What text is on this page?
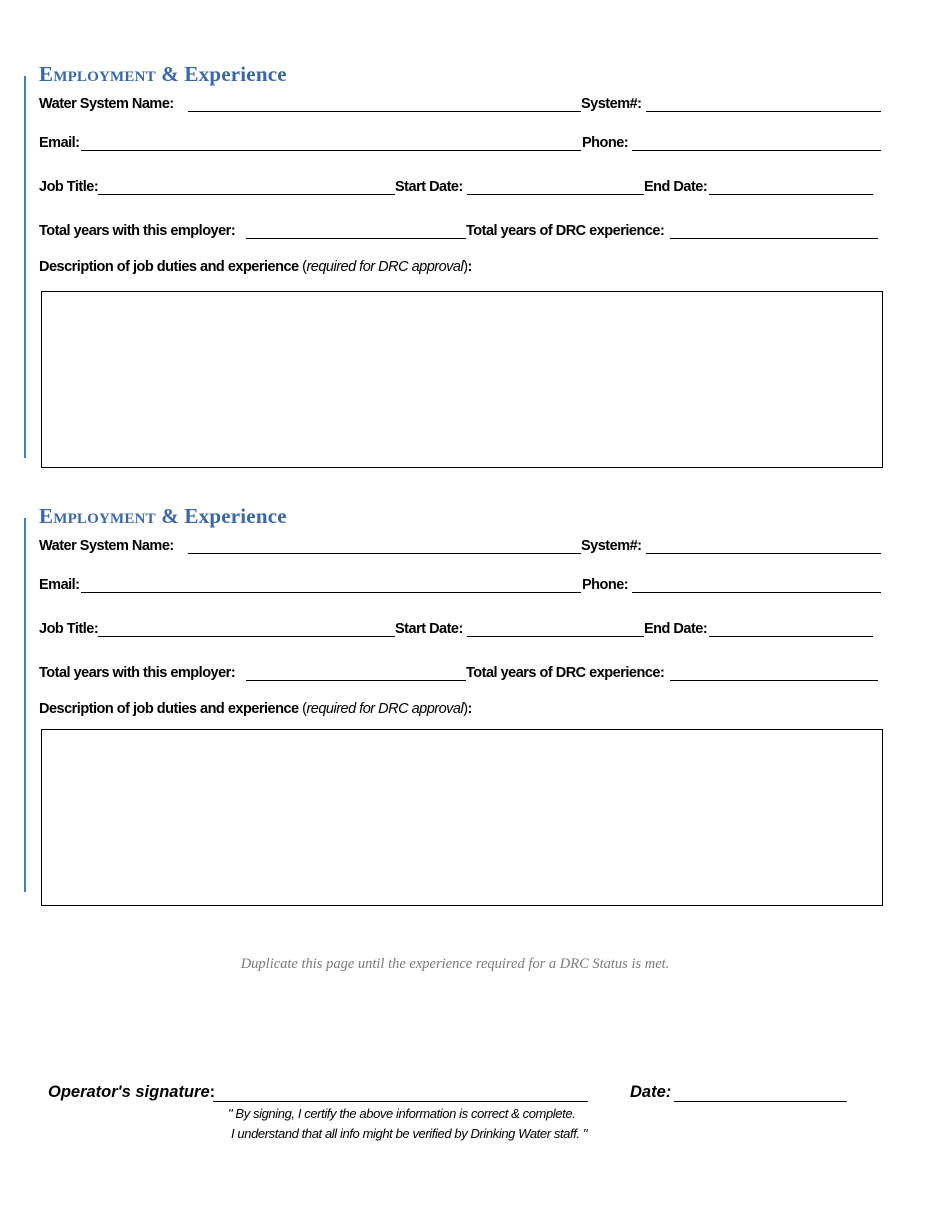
Employment & Experience
Water System Name:	System#:
Email:	Phone:
Job Title:	Start Date:	End Date:
Total years with this employer:	Total years of DRC experience:
Description of job duties and experience (required for DRC approval):
Employment & Experience
Water System Name:	System#:
Email:	Phone:
Job Title:	Start Date:	End Date:
Total years with this employer:	Total years of DRC experience:
Description of job duties and experience (required for DRC approval):
Duplicate this page until the experience required for a DRC Status is met.
Operator's signature:	Date:
" By signing, I certify the above information is correct & complete.
I understand that all info might be verified by Drinking Water staff. "
